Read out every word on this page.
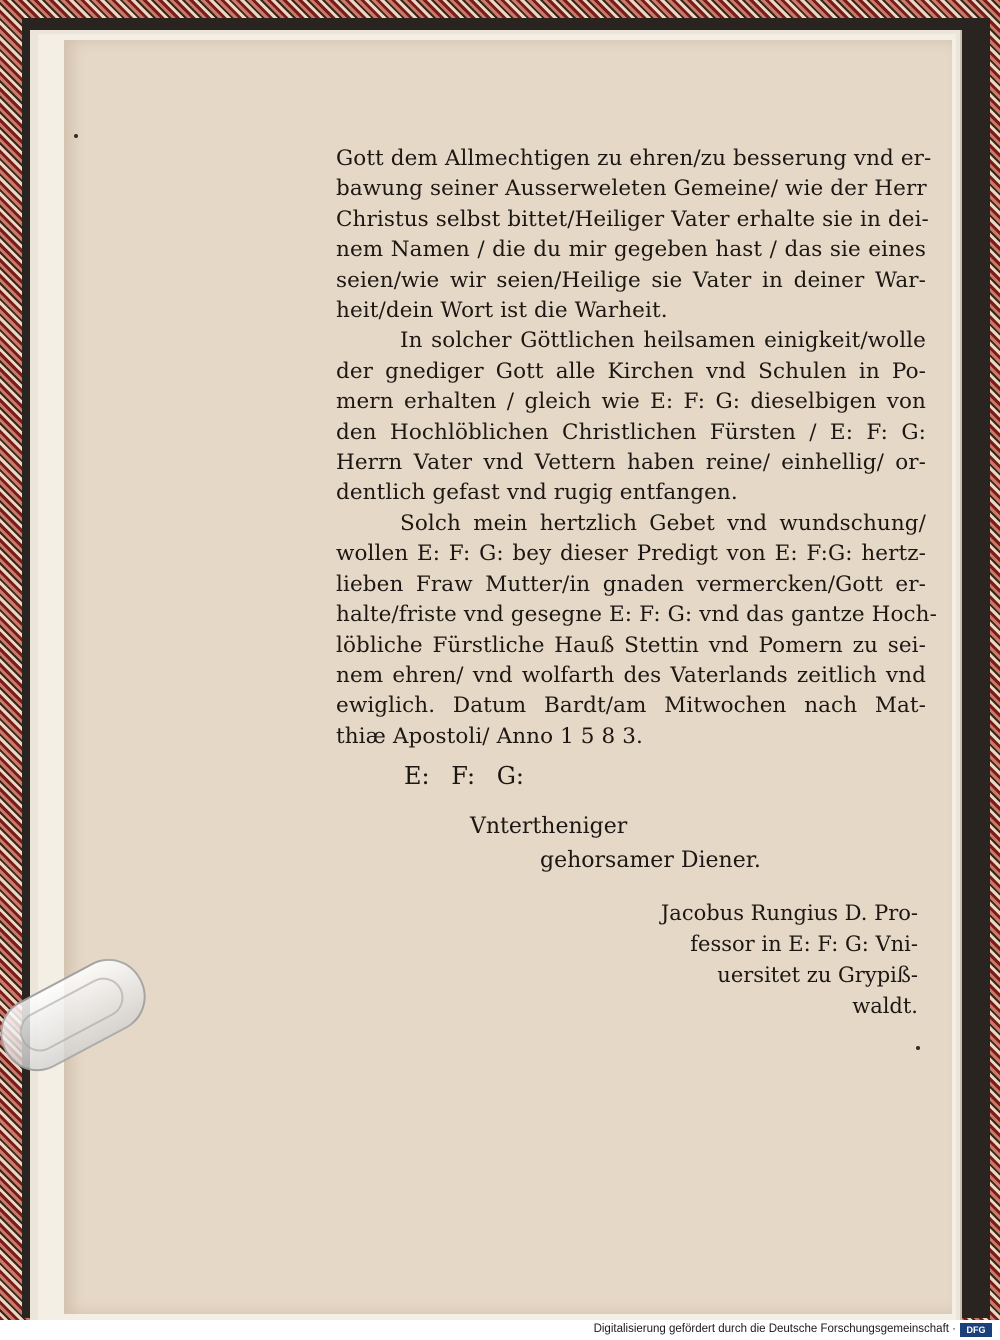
Gott dem Allmechtigen zu ehren/zu besserung vnd er-
bawung seiner Ausserweleten Gemeine/ wie der Herr
Christus selbst bittet/Heiliger Vater erhalte sie in dei-
nem Namen / die du mir gegeben hast / das sie eines
seien/wie wir seien/Heilige sie Vater in deiner War-
heit/dein Wort ist die Warheit.
In solcher Göttlichen heilsamen einigkeit/wolle
der gnediger Gott alle Kirchen vnd Schulen in Po-
mern erhalten / gleich wie E: F: G: dieselbigen von
den Hochlöblichen Christlichen Fürsten / E: F: G:
Herrn Vater vnd Vettern haben reine/ einhellig/ or-
dentlich gefast vnd rugig entfangen.
Solch mein hertzlich Gebet vnd wundschung/
wollen E: F: G: bey dieser Predigt von E: F:G: hertz-
lieben Fraw Mutter/in gnaden vermercken/Gott er-
halte/friste vnd gesegne E: F: G: vnd das gantze Hoch-
löbliche Fürstliche Hauß Stettin vnd Pomern zu sei-
nem ehren/ vnd wolfarth des Vaterlands zeitlich vnd
ewiglich. Datum Bardt/am Mitwochen nach Mat-
thiæ Apostoli/ Anno 1 5 8 3.
E: F: G:
Vntertheniger
gehorsamer Diener.
Jacobus Rungius D. Pro-
fessor in E: F: G: Vni-
uersitet zu Grypiß-
waldt.
Digitalisierung gefördert durch die Deutsche Forschungsgemeinschaft ·	DFG
